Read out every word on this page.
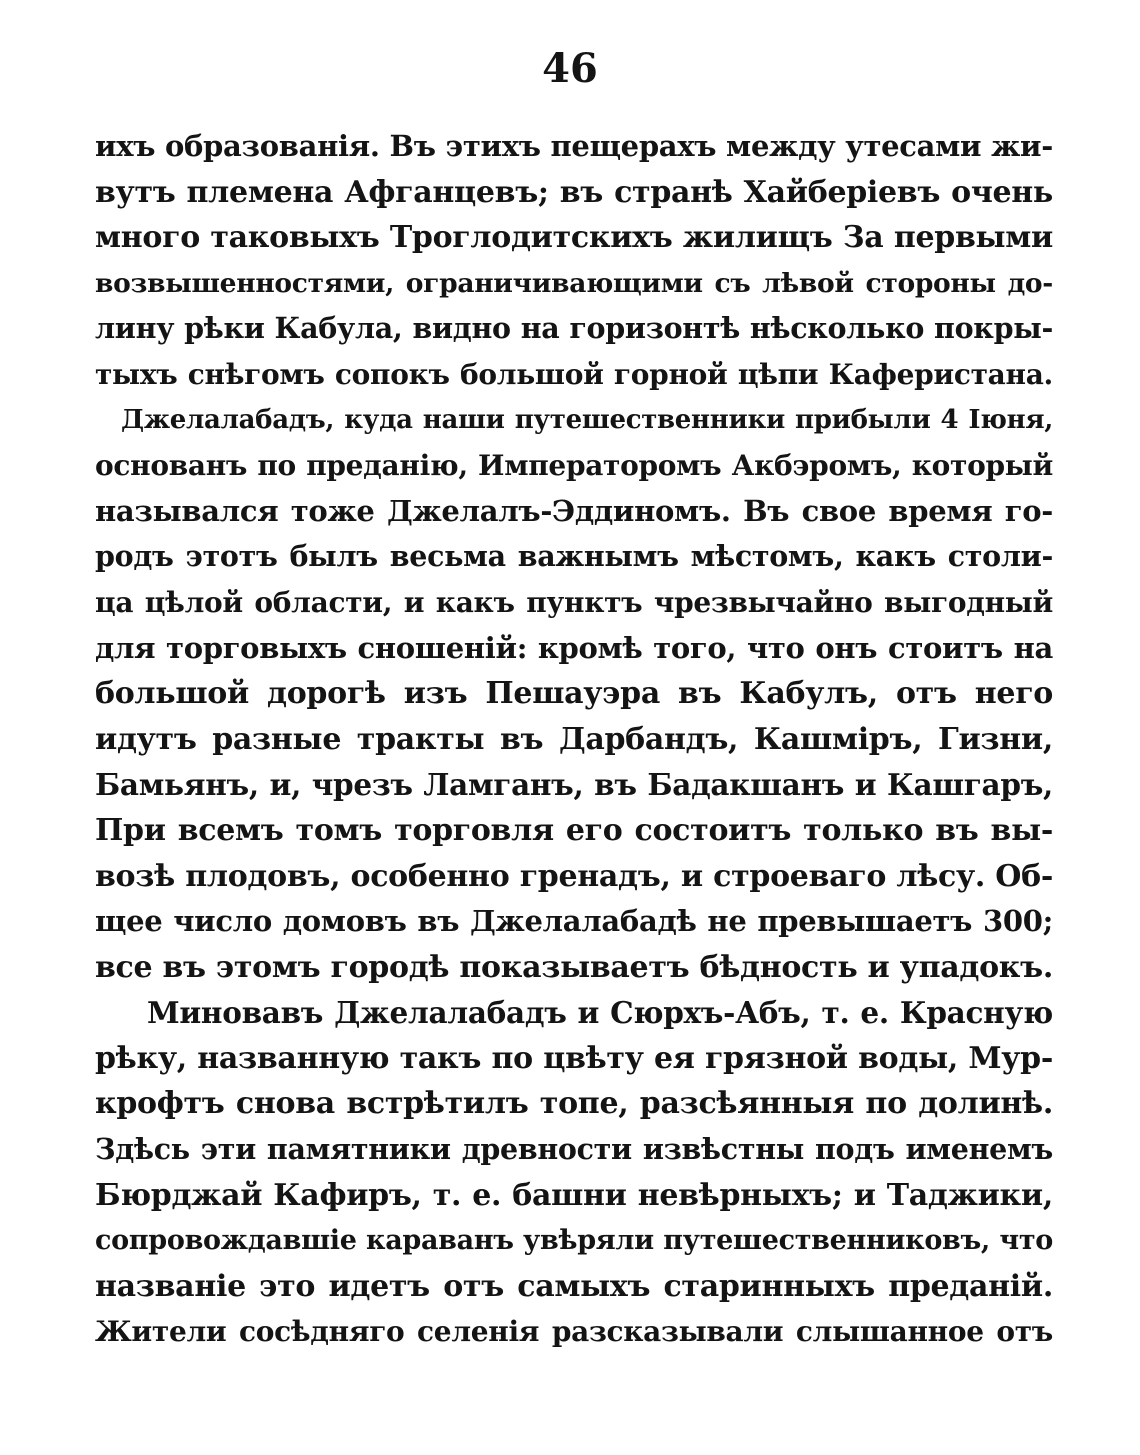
46
ихъ образованія. Въ этихъ пещерахъ между утесами жи-
вутъ племена Афганцевъ; въ странѣ Хайберіевъ очень
много таковыхъ Троглодитскихъ жилищъ За первыми
возвышенностями, ограничивающими съ лѣвой стороны до-
лину рѣки Кабула, видно на горизонтѣ нѣсколько покры-
тыхъ снѣгомъ сопокъ большой горной цѣпи Каферистана.
Джелалабадъ, куда наши путешественники прибыли 4 Іюня,
основанъ по преданію, Императоромъ Акбэромъ, который
назывался тоже Джелалъ-Эддиномъ. Въ свое время го-
родъ этотъ былъ весьма важнымъ мѣстомъ, какъ столи-
ца цѣлой области, и какъ пунктъ чрезвычайно выгодный
для торговыхъ сношеній: кромѣ того, что онъ стоитъ на
большой дорогѣ изъ Пешауэра въ Кабулъ, отъ него
идутъ разные тракты въ Дарбандъ, Кашміръ, Гизни,
Бамьянъ, и, чрезъ Ламганъ, въ Бадакшанъ и Кашгаръ,
При всемъ томъ торговля его состоитъ только въ вы-
возѣ плодовъ, особенно гренадъ, и строеваго лѣсу. Об-
щее число домовъ въ Джелалабадѣ не превышаетъ 300;
все въ этомъ городѣ показываетъ бѣдность и упадокъ.
Миновавъ Джелалабадъ и Сюрхъ-Абъ, т. е. Красную
рѣку, названную такъ по цвѣту ея грязной воды, Мур-
крофтъ снова встрѣтилъ топе, разсѣянныя по долинѣ.
Здѣсь эти памятники древности извѣстны подъ именемъ
Бюрджай Кафиръ, т. е. башни невѣрныхъ; и Таджики,
сопровождавшіе караванъ увѣряли путешественниковъ, что
названіе это идетъ отъ самыхъ старинныхъ преданій.
Жители сосѣдняго селенія разсказывали слышанное отъ
